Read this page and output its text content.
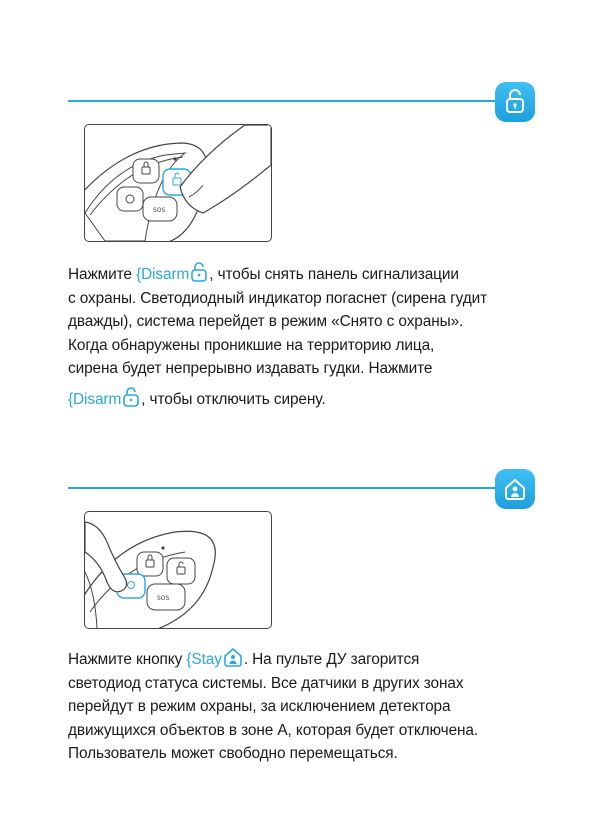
SOS

Нажмите {Disarm , чтобы снять панель сигнализации

с охраны. Светодиодный индикатор погаснет (сирена гудит

дважды), система перейдет в режим «Снято с охраны».

Когда обнаружены проникшие на территорию лица,

сирена будет непрерывно издавать гудки. Нажмите

{Disarm , чтобы отключить сирену.

SOS

Нажмите кнопку {Stay . На пульте ДУ загорится

светодиод статуса системы. Все датчики в других зонах

перейдут в режим охраны, за исключением детектора

движущихся объектов в зоне А, которая будет отключена.

Пользователь может свободно перемещаться.
